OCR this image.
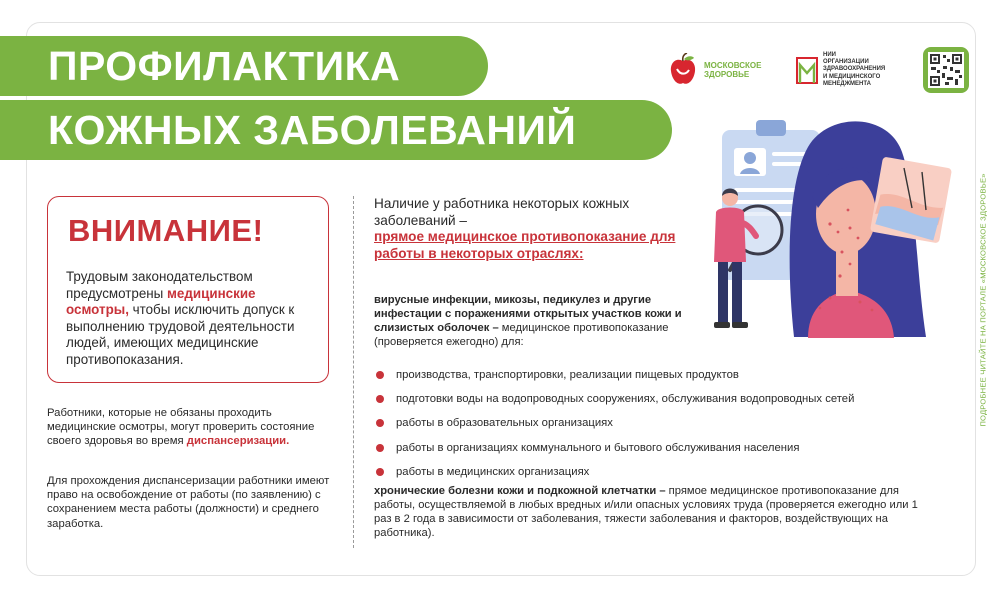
ПРОФИЛАКТИКА
КОЖНЫХ ЗАБОЛЕВАНИЙ
МОСКОВСКОЕ
ЗДОРОВЬЕ
НИИ
ОРГАНИЗАЦИИ
ЗДРАВООХРАНЕНИЯ
И МЕДИЦИНСКОГО
МЕНЕДЖМЕНТА
ВНИМАНИЕ!
Трудовым законодательством предусмотрены медицинские осмотры, чтобы исключить допуск к выполнению трудовой деятельности людей, имеющих медицинские противопоказания.
Работники, которые не обязаны проходить медицинские осмотры, могут проверить состояние своего здоровья во время диспансеризации.
Для прохождения диспансеризации работники имеют право на освобождение от работы (по заявлению) с сохранением места работы (должности) и среднего заработка.
Наличие у работника некоторых кожных заболеваний –
прямое медицинское противопоказание для работы в некоторых отраслях:
вирусные инфекции, микозы, педикулез и другие инфестации с поражениями открытых участков кожи и слизистых оболочек – медицинское противопоказание (проверяется ежегодно) для:
производства, транспортировки, реализации пищевых продуктов
подготовки воды на водопроводных сооружениях, обслуживания водопроводных сетей
работы в образовательных организациях
работы в организациях коммунального и бытового обслуживания населения
работы в медицинских организациях
хронические болезни кожи и подкожной клетчатки – прямое медицинское противопоказание для работы, осуществляемой в любых вредных и/или опасных условиях труда (проверяется ежегодно или 1 раз в 2 года в зависимости от заболевания, тяжести заболевания и факторов, воздействующих на работника).
ПОДРОБНЕЕ ЧИТАЙТЕ НА ПОРТАЛЕ «МОСКОВСКОЕ ЗДОРОВЬЕ»
